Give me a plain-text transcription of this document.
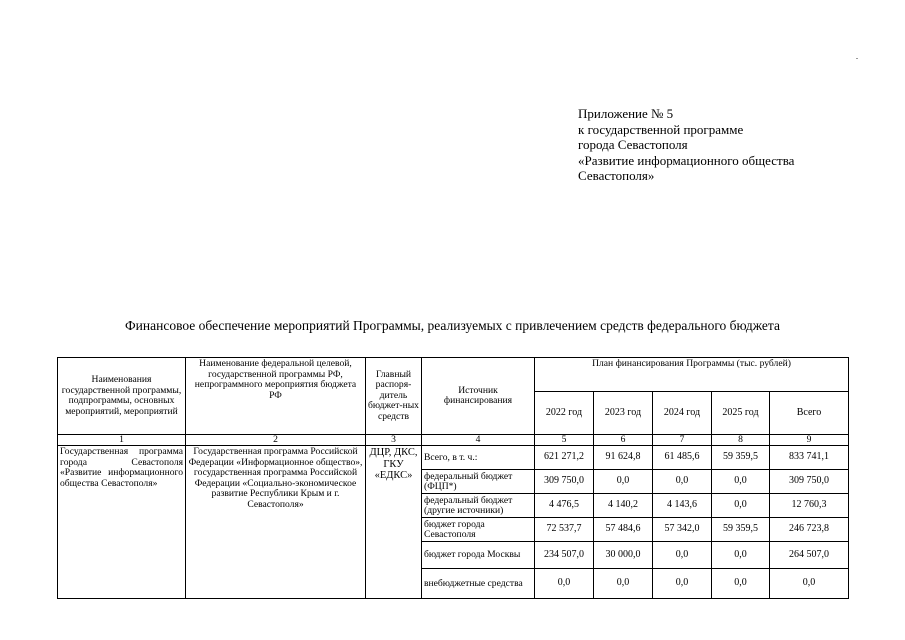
Приложение № 5
к государственной программе
города Севастополя
«Развитие информационного общества
Севастополя»
Финансовое обеспечение мероприятий Программы, реализуемых с привлечением средств федерального бюджета
Наименования государственной программы, подпрограммы, основных мероприятий, мероприятий	Наименование федеральной целевой, государственной программы РФ, непрограммного мероприятия бюджета РФ	Главный распоря-дитель бюджет-ных средств	Источник финансирования	План финансирования Программы (тыс. рублей)				
				2022 год	2023 год	2024 год	2025 год	Всего
1	2	3	4	5	6	7	8	9
Государственная программа города Севастополя «Развитие информационного общества Севастополя»	Государственная программа Российской Федерации «Информационное общество», государственная программа Российской Федерации «Социально-экономическое развитие Республики Крым и г. Севастополя»	ДЦР, ДКС, ГКУ «ЕДКС»	Всего, в т. ч.:	621 271,2	91 624,8	61 485,6	59 359,5	833 741,1
			федеральный бюджет (ФЦП*)	309 750,0	0,0	0,0	0,0	309 750,0
			федеральный бюджет (другие источники)	4 476,5	4 140,2	4 143,6	0,0	12 760,3
			бюджет города Севастополя	72 537,7	57 484,6	57 342,0	59 359,5	246 723,8
			бюджет города Москвы	234 507,0	30 000,0	0,0	0,0	264 507,0
			внебюджетные средства	0,0	0,0	0,0	0,0	0,0
